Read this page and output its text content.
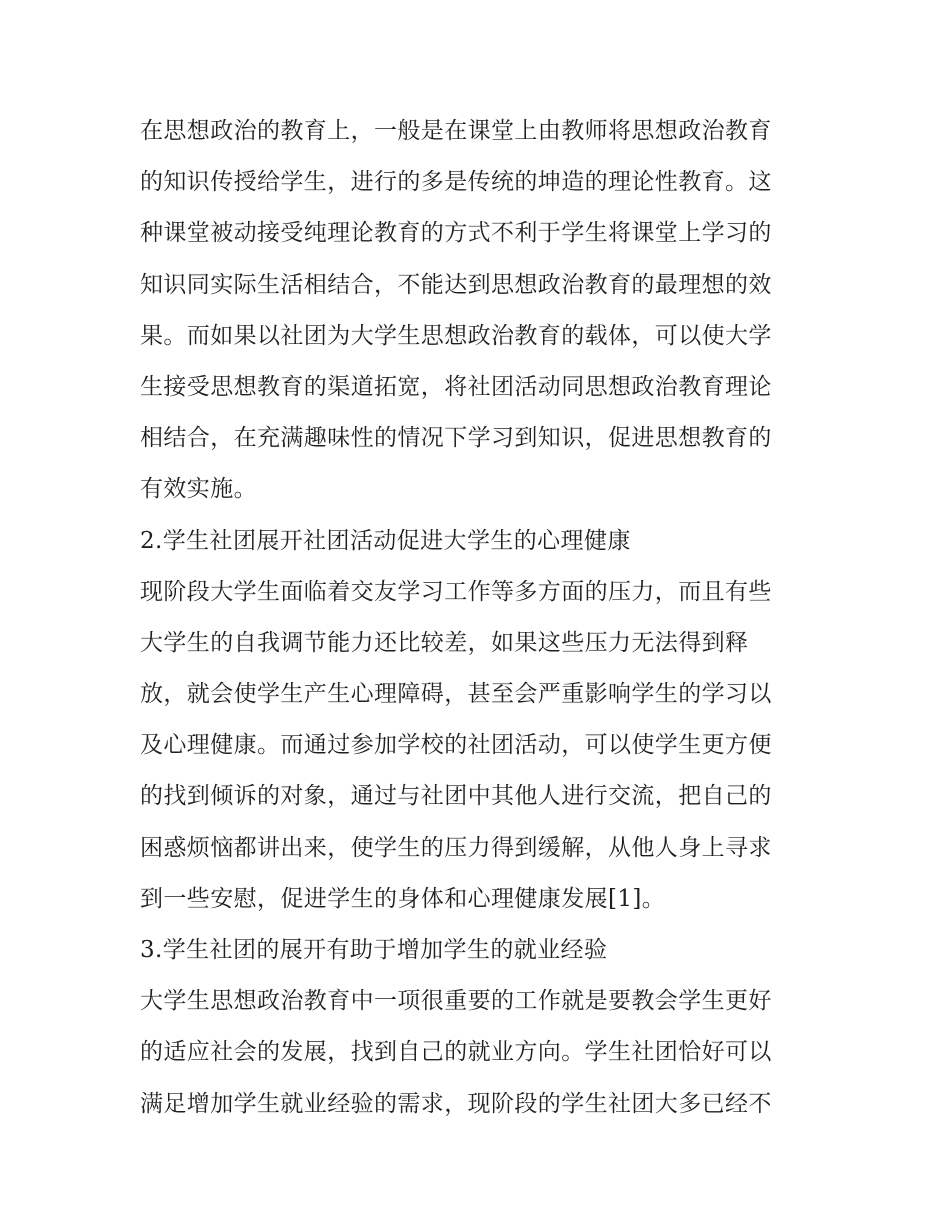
在思想政治的教育上，一般是在课堂上由教师将思想政治教育
的知识传授给学生，进行的多是传统的坤造的理论性教育。这
种课堂被动接受纯理论教育的方式不利于学生将课堂上学习的
知识同实际生活相结合，不能达到思想政治教育的最理想的效
果。而如果以社团为大学生思想政治教育的载体，可以使大学
生接受思想教育的渠道拓宽，将社团活动同思想政治教育理论
相结合，在充满趣味性的情况下学习到知识，促进思想教育的
有效实施。
2.学生社团展开社团活动促进大学生的心理健康
现阶段大学生面临着交友学习工作等多方面的压力，而且有些
大学生的自我调节能力还比较差，如果这些压力无法得到释
放，就会使学生产生心理障碍，甚至会严重影响学生的学习以
及心理健康。而通过参加学校的社团活动，可以使学生更方便
的找到倾诉的对象，通过与社团中其他人进行交流，把自己的
困惑烦恼都讲出来，使学生的压力得到缓解，从他人身上寻求
到一些安慰，促进学生的身体和心理健康发展[1]。
3.学生社团的展开有助于增加学生的就业经验
大学生思想政治教育中一项很重要的工作就是要教会学生更好
的适应社会的发展，找到自己的就业方向。学生社团恰好可以
满足增加学生就业经验的需求，现阶段的学生社团大多已经不
